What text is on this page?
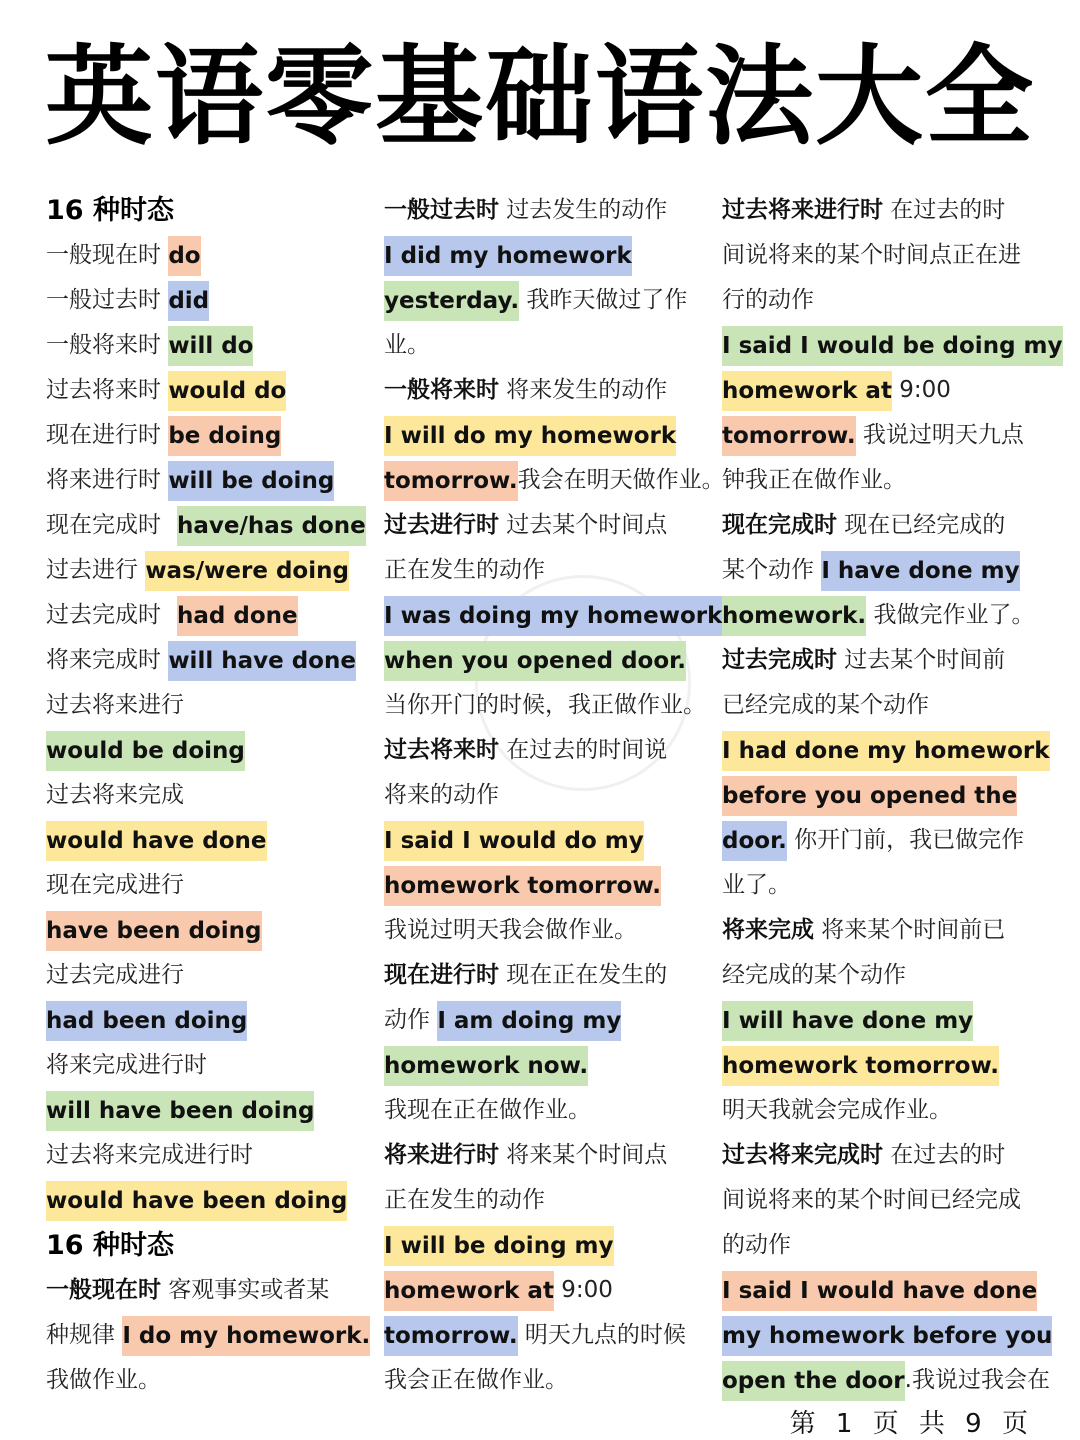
英语零基础语法大全
16 种时态
一般现在时 do
一般过去时 did
一般将来时 will do
过去将来时 would do
现在进行时 be doing
将来进行时 will be doing
现在完成时 have/has done
过去进行 was/were doing
过去完成时 had done
将来完成时 will have done
过去将来进行
would be doing
过去将来完成
would have done
现在完成进行
have been doing
过去完成进行
had been doing
将来完成进行时
will have been doing
过去将来完成进行时
would have been doing
16 种时态
一般现在时 客观事实或者某
种规律 I do my homework.
我做作业。
一般过去时 过去发生的动作
I did my homework
yesterday. 我昨天做过了作
业。
一般将来时 将来发生的动作
I will do my homework
tomorrow.我会在明天做作业。
过去进行时 过去某个时间点
正在发生的动作
I was doing my homework
when you opened door.
当你开门的时候，我正做作业。
过去将来时 在过去的时间说
将来的动作
I said I would do my
homework tomorrow.
我说过明天我会做作业。
现在进行时 现在正在发生的
动作 I am doing my
homework now.
我现在正在做作业。
将来进行时 将来某个时间点
正在发生的动作
I will be doing my
homework at 9:00
tomorrow. 明天九点的时候
我会正在做作业。
过去将来进行时 在过去的时
间说将来的某个时间点正在进
行的动作
I said I would be doing my
homework at 9:00
tomorrow. 我说过明天九点
钟我正在做作业。
现在完成时 现在已经完成的
某个动作 I have done my
homework. 我做完作业了。
过去完成时 过去某个时间前
已经完成的某个动作
I had done my homework
before you opened the
door. 你开门前，我已做完作
业了。
将来完成 将来某个时间前已
经完成的某个动作
I will have done my
homework tomorrow.
明天我就会完成作业。
过去将来完成时 在过去的时
间说将来的某个时间已经完成
的动作
I said I would have done
my homework before you
open the door.我说过我会在
第 1 页 共 9 页
